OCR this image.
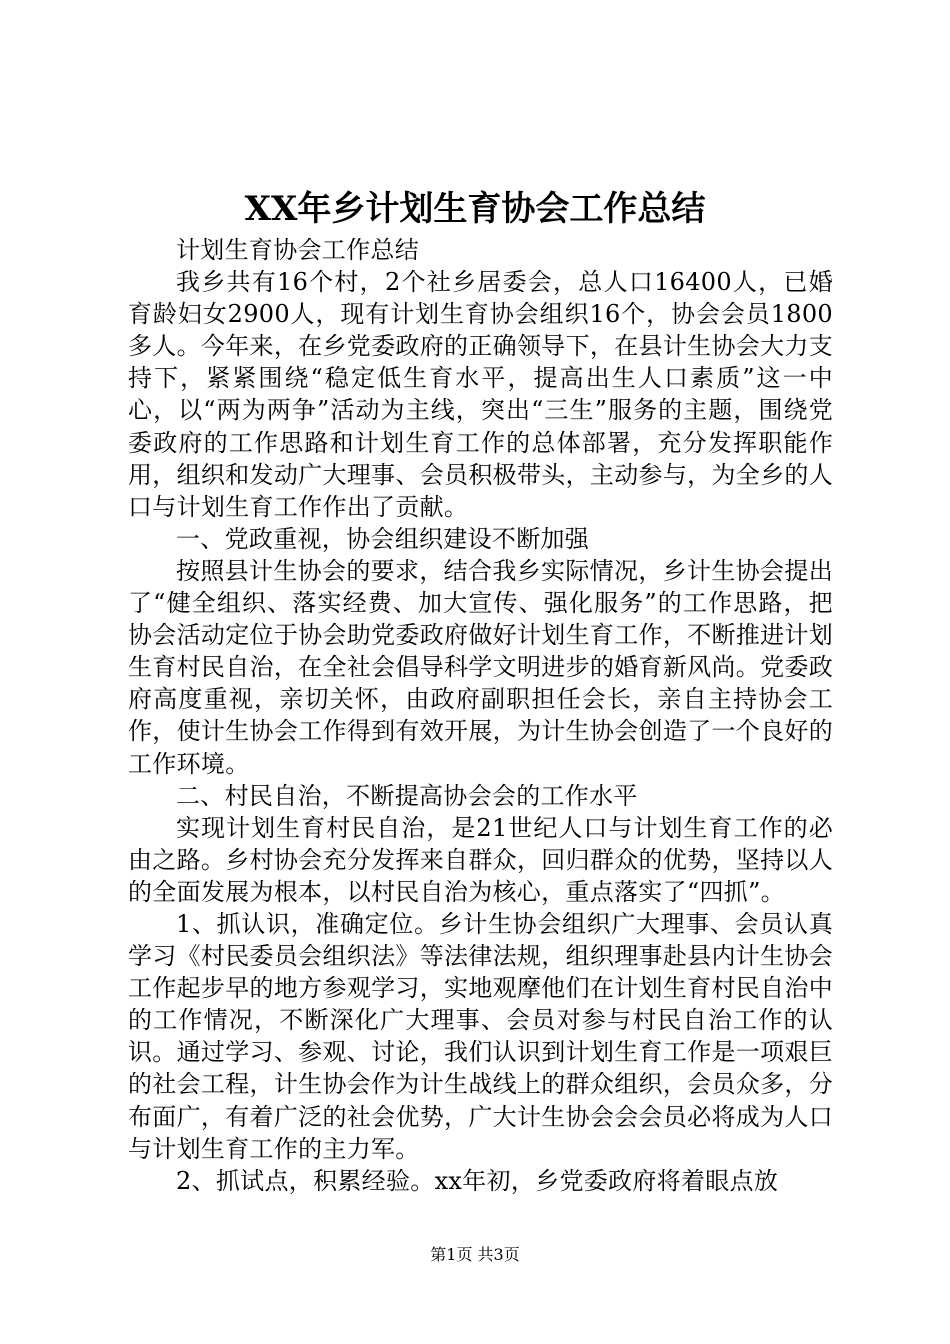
XX年乡计划生育协会工作总结

计划生育协会工作总结

我乡共有16个村，2个社乡居委会，总人口16400人，已婚育龄妇女2900人，现有计划生育协会组织16个，协会会员1800多人。今年来，在乡党委政府的正确领导下，在县计生协会大力支持下，紧紧围绕“稳定低生育水平，提高出生人口素质”这一中心，以“两为两争”活动为主线，突出“三生”服务的主题，围绕党委政府的工作思路和计划生育工作的总体部署，充分发挥职能作用，组织和发动广大理事、会员积极带头，主动参与，为全乡的人口与计划生育工作作出了贡献。

一、党政重视，协会组织建设不断加强

按照县计生协会的要求，结合我乡实际情况，乡计生协会提出了“健全组织、落实经费、加大宣传、强化服务”的工作思路，把协会活动定位于协会助党委政府做好计划生育工作，不断推进计划生育村民自治，在全社会倡导科学文明进步的婚育新风尚。党委政府高度重视，亲切关怀，由政府副职担任会长，亲自主持协会工作，使计生协会工作得到有效开展，为计生协会创造了一个良好的工作环境。

二、村民自治，不断提高协会会的工作水平

实现计划生育村民自治，是21世纪人口与计划生育工作的必由之路。乡村协会充分发挥来自群众，回归群众的优势，坚持以人的全面发展为根本，以村民自治为核心，重点落实了“四抓”。

1、抓认识，准确定位。乡计生协会组织广大理事、会员认真学习《村民委员会组织法》等法律法规，组织理事赴县内计生协会工作起步早的地方参观学习，实地观摩他们在计划生育村民自治中的工作情况，不断深化广大理事、会员对参与村民自治工作的认识。通过学习、参观、讨论，我们认识到计划生育工作是一项艰巨的社会工程，计生协会作为计生战线上的群众组织，会员众多，分布面广，有着广泛的社会优势，广大计生协会会会员必将成为人口与计划生育工作的主力军。

2、抓试点，积累经验。xx年初，乡党委政府将着眼点放

第1页 共3页
